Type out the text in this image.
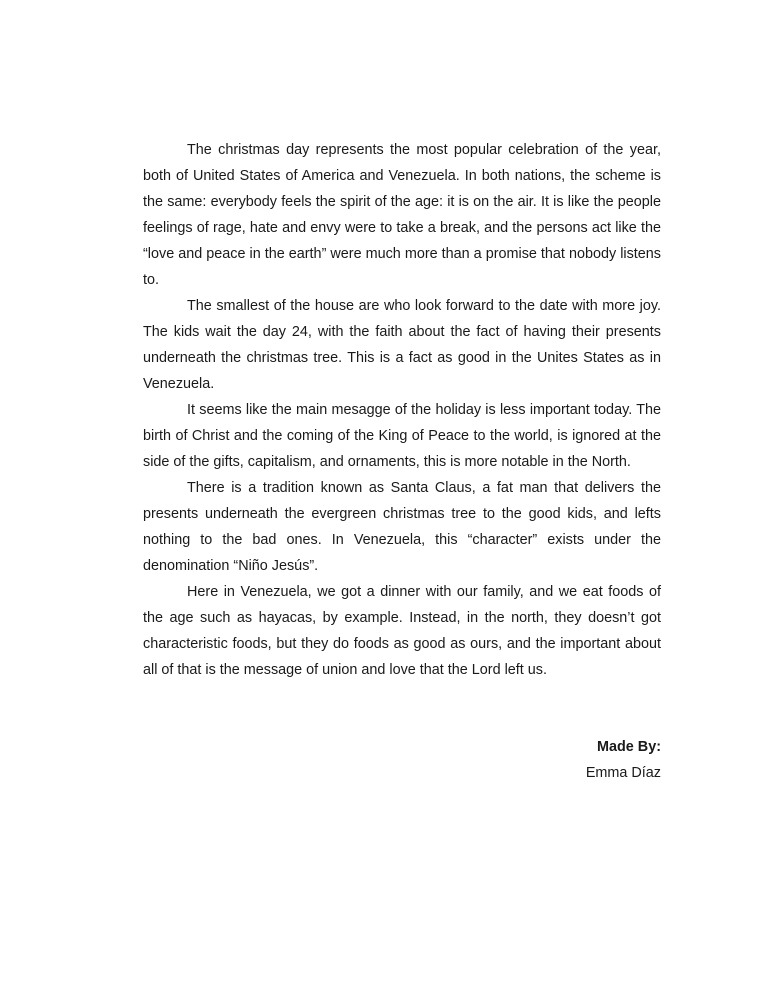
The christmas day represents the most popular celebration of the year, both of United States of America and Venezuela. In both nations, the scheme is the same: everybody feels the spirit of the age: it is on the air. It is like the people feelings of rage, hate and envy were to take a break, and the persons act like the “love and peace in the earth” were much more than a promise that nobody listens to.

The smallest of the house are who look forward to the date with more joy. The kids wait the day 24, with the faith about the fact of having their presents underneath the christmas tree. This is a fact as good in the Unites States as in Venezuela.

It seems like the main mesagge of the holiday is less important today. The birth of Christ and the coming of the King of Peace to the world, is ignored at the side of the gifts, capitalism, and ornaments, this is more notable in the North.

There is a tradition known as Santa Claus, a fat man that delivers the presents underneath the evergreen christmas tree to the good kids, and lefts nothing to the bad ones. In Venezuela, this “character” exists under the denomination “Niño Jesús”.

Here in Venezuela, we got a dinner with our family, and we eat foods of the age such as hayacas, by example. Instead, in the north, they doesn’t got characteristic foods, but they do foods as good as ours, and the important about all of that is the message of union and love that the Lord left us.

Made By:
Emma Díaz
